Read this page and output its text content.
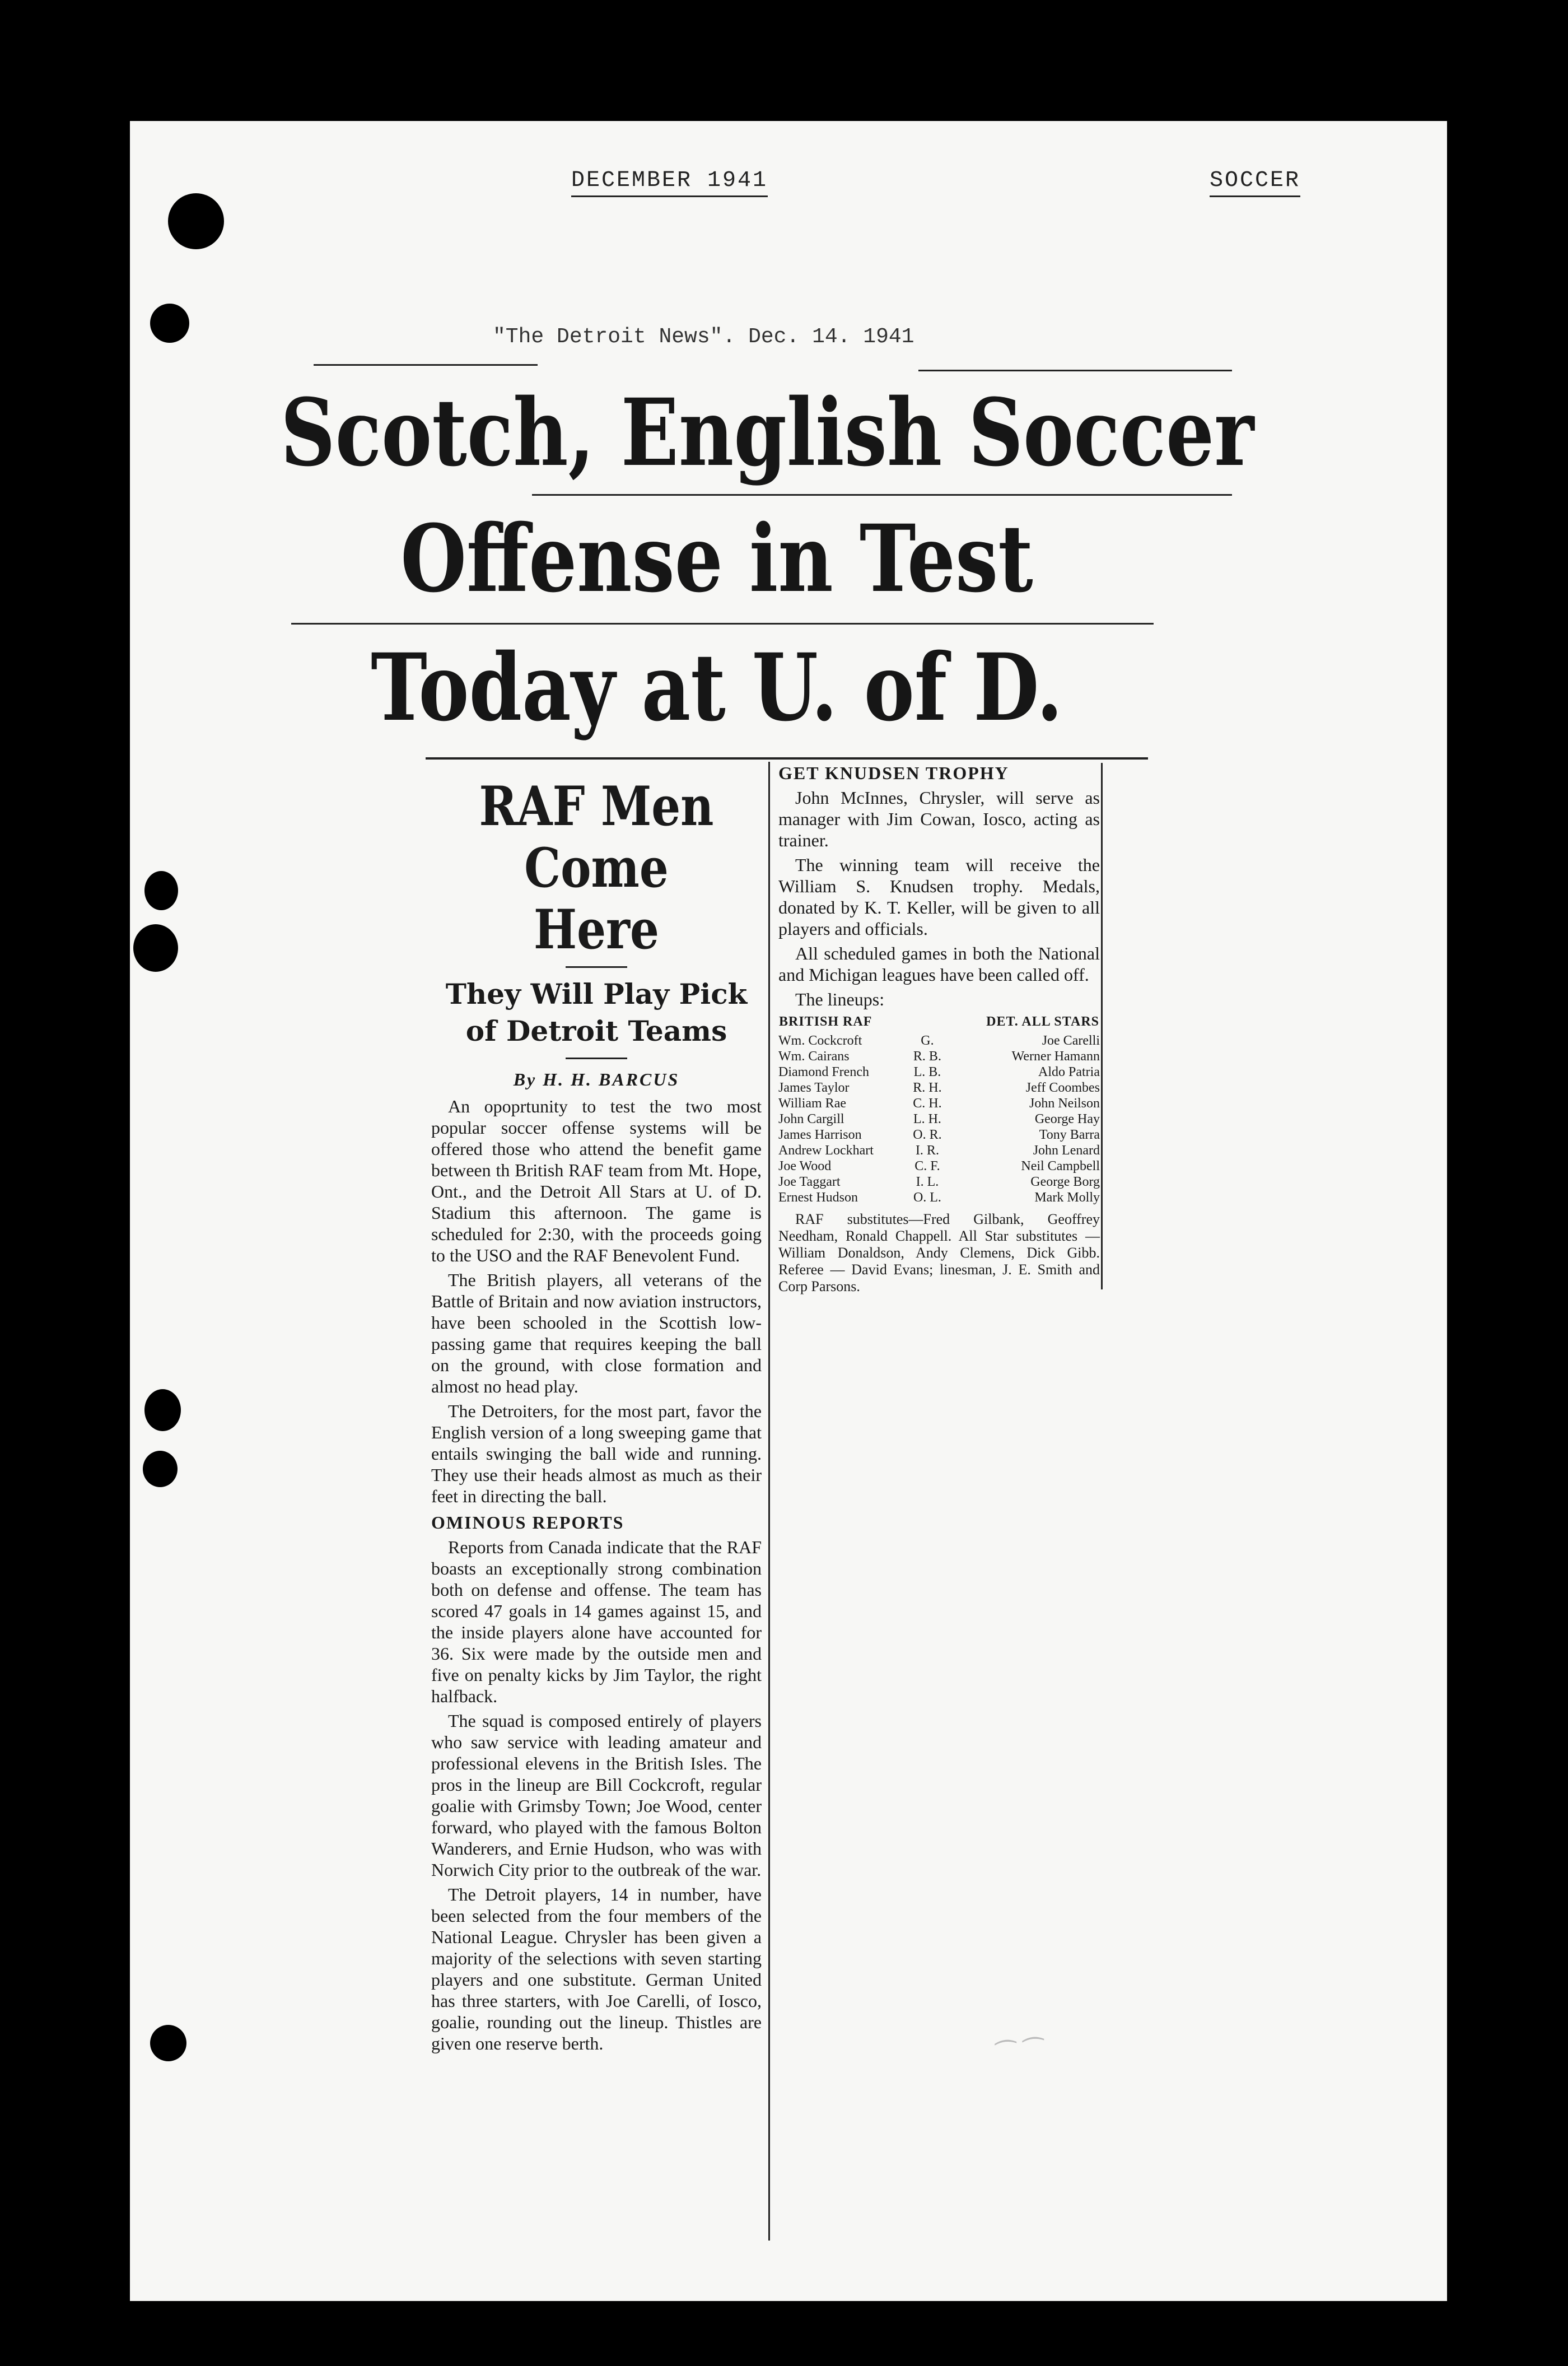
DECEMBER 1941	SOCCER
"The Detroit News". Dec. 14. 1941
Scotch, English Soccer
Offense in Test
Today at U. of D.
RAF Men
Come Here
They Will Play Pick
of Detroit Teams
By H. H. BARCUS

An opoprtunity to test the two most popular soccer offense systems will be offered those who attend the benefit game between th British RAF team from Mt. Hope, Ont., and the Detroit All Stars at U. of D. Stadium this afternoon. The game is scheduled for 2:30, with the proceeds going to the USO and the RAF Benevolent Fund.

The British players, all veterans of the Battle of Britain and now aviation instructors, have been schooled in the Scottish low-passing game that requires keeping the ball on the ground, with close formation and almost no head play.

The Detroiters, for the most part, favor the English version of a long sweeping game that entails swinging the ball wide and running. They use their heads almost as much as their feet in directing the ball.

OMINOUS REPORTS

Reports from Canada indicate that the RAF boasts an exceptionally strong combination both on defense and offense. The team has scored 47 goals in 14 games against 15, and the inside players alone have accounted for 36. Six were made by the outside men and five on penalty kicks by Jim Taylor, the right halfback.

The squad is composed entirely of players who saw service with leading amateur and professional elevens in the British Isles. The pros in the lineup are Bill Cockcroft, regular goalie with Grimsby Town; Joe Wood, center forward, who played with the famous Bolton Wanderers, and Ernie Hudson, who was with Norwich City prior to the outbreak of the war.

The Detroit players, 14 in number, have been selected from the four members of the National League. Chrysler has been given a majority of the selections with seven starting players and one substitute. German United has three starters, with Joe Carelli, of Iosco, goalie, rounding out the lineup. Thistles are given one reserve berth.

GET KNUDSEN TROPHY

John McInnes, Chrysler, will serve as manager with Jim Cowan, Iosco, acting as trainer.

The winning team will receive the William S. Knudsen trophy. Medals, donated by K. T. Keller, will be given to all players and officials.

All scheduled games in both the National and Michigan leagues have been called off.

The lineups:

BRITISH RAF		DET. ALL STARS
Wm. Cockcroft	G.	Joe Carelli
Wm. Cairans	R. B.	Werner Hamann
Diamond French	L. B.	Aldo Patria
James Taylor	R. H.	Jeff Coombes
William Rae	C. H.	John Neilson
John Cargill	L. H.	George Hay
James Harrison	O. R.	Tony Barra
Andrew Lockhart	I. R.	John Lenard
Joe Wood	C. F.	Neil Campbell
Joe Taggart	I. L.	George Borg
Ernest Hudson	O. L.	Mark Molly

RAF substitutes—Fred Gilbank, Geoffrey Needham, Ronald Chappell. All Star substitutes — William Donaldson, Andy Clemens, Dick Gibb. Referee — David Evans; linesman, J. E. Smith and Corp Parsons.

⁀ ⁀
